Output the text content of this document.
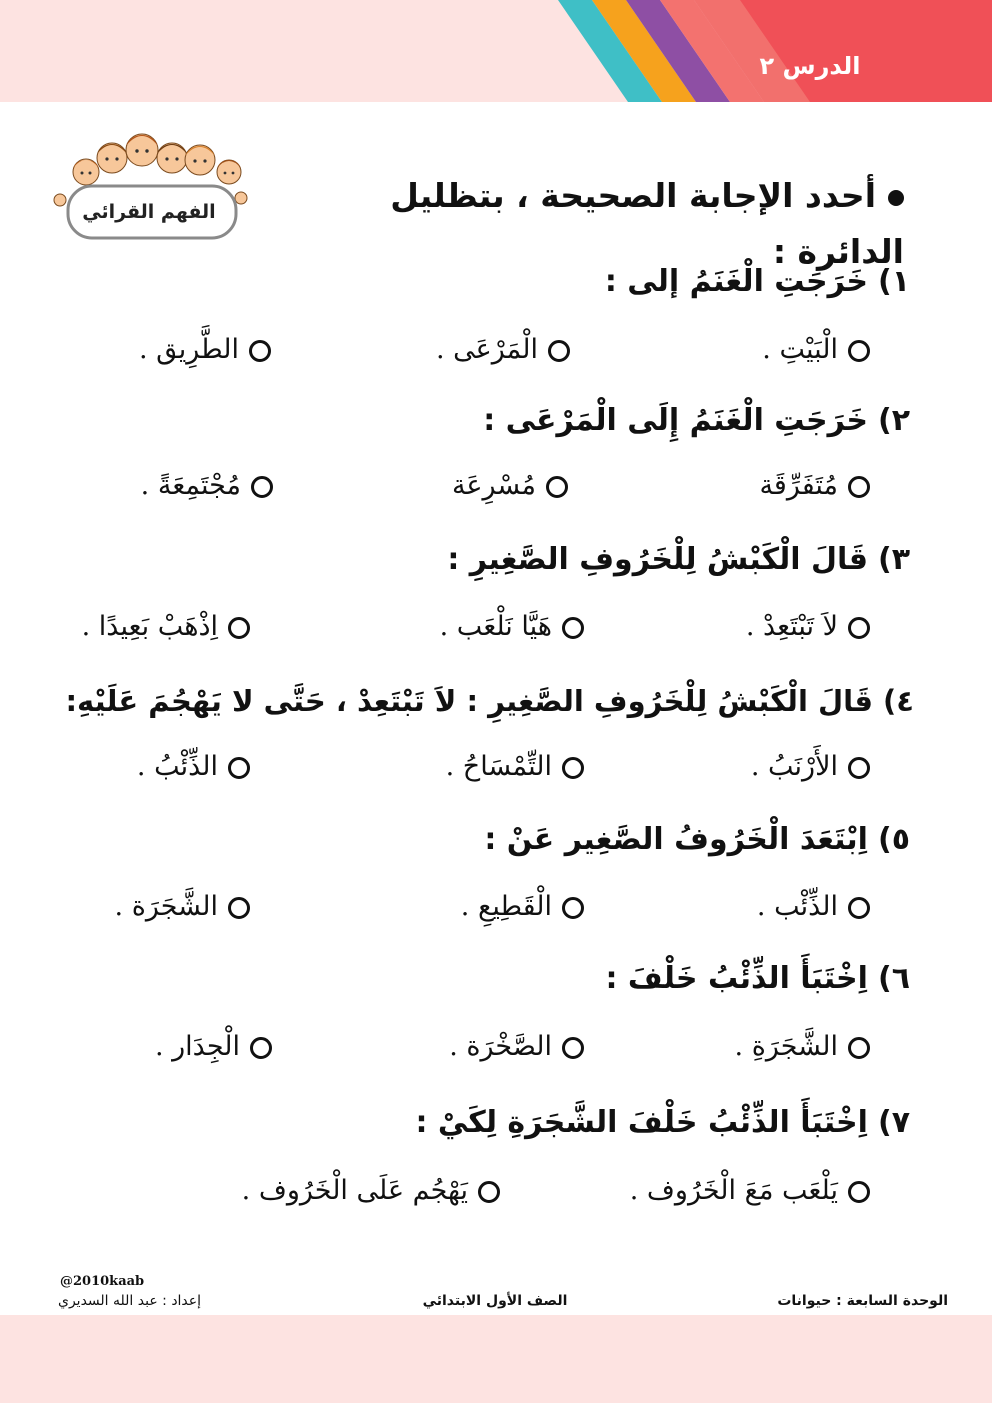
الدرس ٢
الفهم القرائي	أحدد الإجابة الصحيحة ، بتظليل الدائرة :
١)خَرَجَتِ الْغَنَمُ إلى :
الْبَيْتِ .
الْمَرْعَى .
الطَّرِيق .
٢)خَرَجَتِ الْغَنَمُ إِلَى الْمَرْعَى :
مُتَفَرِّقَة
مُسْرِعَة
مُجْتَمِعَةً .
٣)قَالَ الْكَبْشُ لِلْخَرُوفِ الصَّغِيرِ :
لاَ تَبْتَعِدْ .
هَيَّا نَلْعَب .
اِذْهَبْ بَعِيدًا .
٤)قَالَ الْكَبْشُ لِلْخَرُوفِ الصَّغِيرِ : لاَ تَبْتَعِدْ ، حَتَّى لا يَهْجُمَ عَلَيْهِ:
الأَرْنَبُ .
التِّمْسَاحُ .
الذِّئْبُ .
٥)اِبْتَعَدَ الْخَرُوفُ الصَّغِير عَنْ :
الذِّئْب .
الْقَطِيعِ .
الشَّجَرَة .
٦)اِخْتَبَأَ الذِّئْبُ خَلْفَ :
الشَّجَرَةِ .
الصَّخْرَة .
الْجِدَار .
٧)اِخْتَبَأَ الذِّئْبُ خَلْفَ الشَّجَرَةِ لِكَيْ :
يَلْعَب مَعَ الْخَرُوف .
يَهْجُم عَلَى الْخَرُوف .
@2010kaab
إعداد : عبد الله السديري	الصف الأول الابتدائي	الوحدة السابعة : حيوانات
